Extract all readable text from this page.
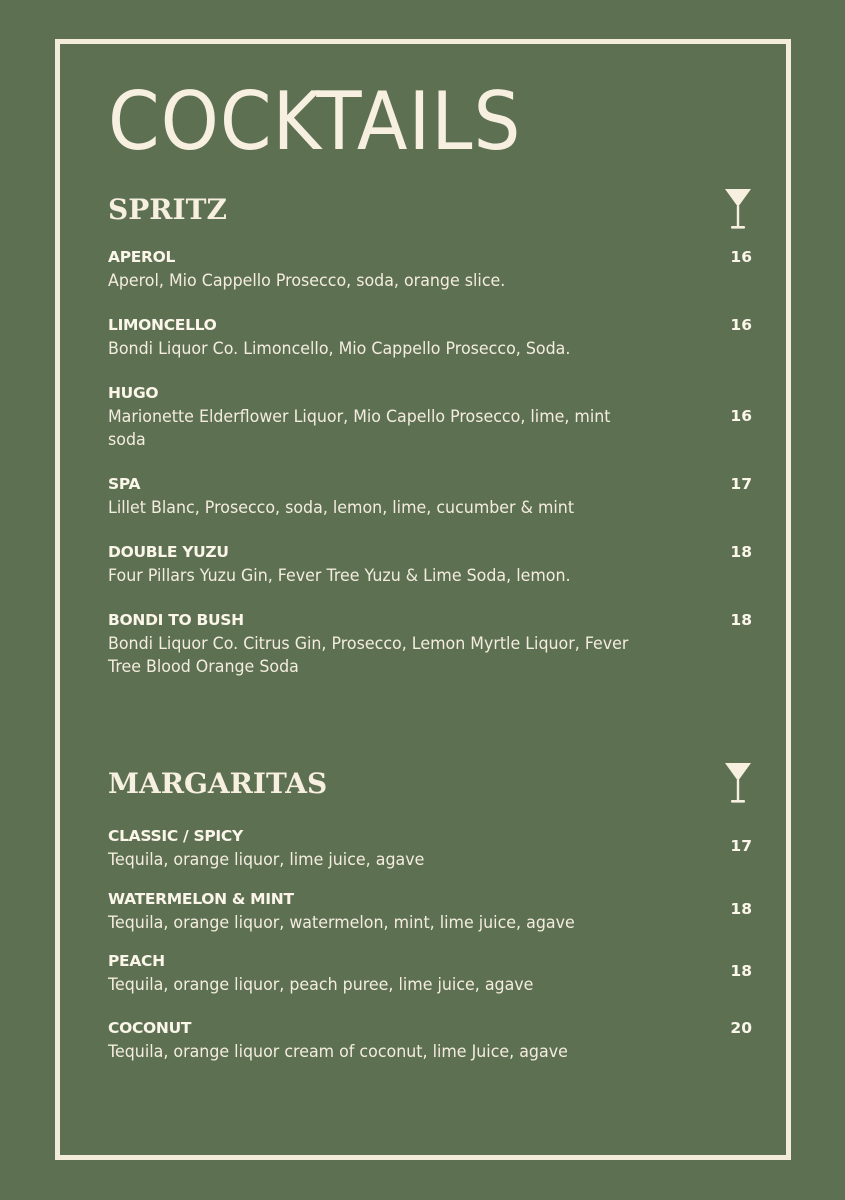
COCKTAILS
SPRITZ
APEROL
Aperol, Mio Cappello Prosecco, soda, orange slice.
16
LIMONCELLO
Bondi Liquor Co. Limoncello, Mio Cappello Prosecco, Soda.
16
HUGO
Marionette Elderflower Liquor, Mio Capello Prosecco, lime, mint soda
16
SPA
Lillet Blanc, Prosecco, soda, lemon, lime, cucumber & mint
17
DOUBLE YUZU
Four Pillars Yuzu Gin, Fever Tree Yuzu & Lime Soda, lemon.
18
BONDI TO BUSH
Bondi Liquor Co. Citrus Gin, Prosecco, Lemon Myrtle Liquor, Fever Tree Blood Orange Soda
18
MARGARITAS
CLASSIC / SPICY
Tequila, orange liquor, lime juice, agave
17
WATERMELON & MINT
Tequila, orange liquor, watermelon, mint, lime juice, agave
18
PEACH
Tequila, orange liquor, peach puree, lime juice, agave
18
COCONUT
Tequila, orange liquor cream of coconut, lime Juice, agave
20
